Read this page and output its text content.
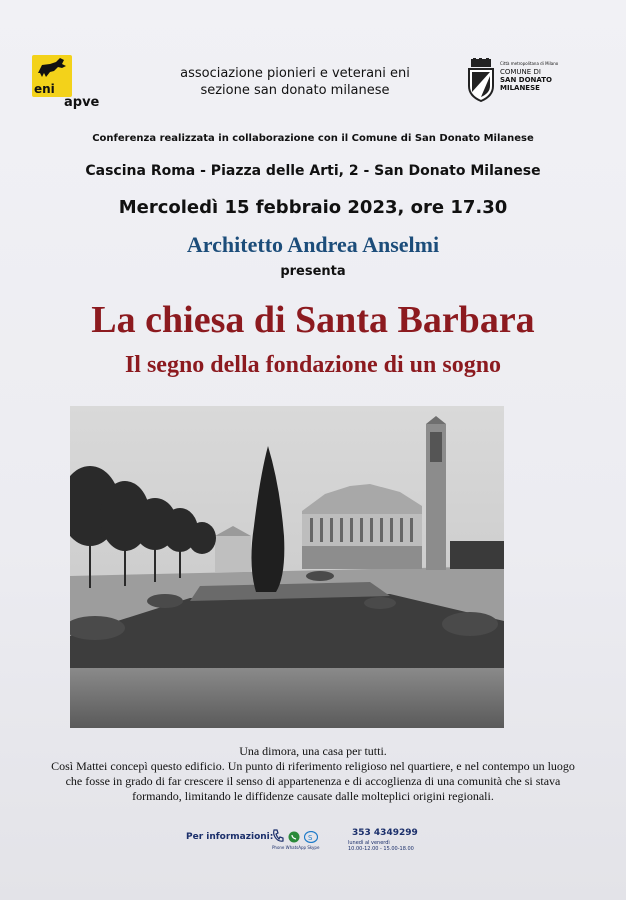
eni
apve
associazione pionieri e veterani eni
sezione san donato milanese
Città metropolitana di Milano
COMUNE DI
SAN DONATO
MILANESE
Conferenza realizzata in collaborazione con il Comune di San Donato Milanese
Cascina Roma - Piazza delle Arti, 2 - San Donato Milanese
Mercoledì 15 febbraio 2023, ore 17.30
Architetto Andrea Anselmi
presenta
La chiesa di Santa Barbara
Il segno della fondazione di un sogno
Una dimora, una casa per tutti.
Così Mattei concepì questo edificio. Un punto di riferimento religioso nel quartiere, e nel contempo un luogo
che fosse in grado di far crescere il senso di appartenenza e di accoglienza di una comunità che si stava
formando, limitando le diffidenze causate dalle molteplici origini regionali.
Per informazioni:	S
Phone WhatsApp Skype
353 4349299
lunedì al venerdì
10.00-12.00 - 15.00-18.00
